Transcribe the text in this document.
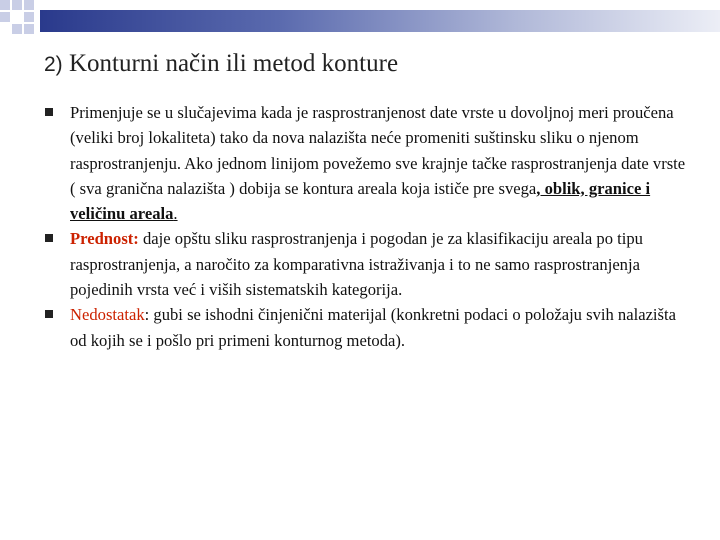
2) Konturni način ili metod konture
Primenjuje se u slučajevima kada je rasprostranjenost date vrste u dovoljnoj meri proučena (veliki broj lokaliteta) tako da nova nalazišta neće promeniti suštinsku sliku o njenom rasprostranjenju. Ako jednom linijom povežemo sve krajnje tačke rasprostranjenja date vrste ( sva granična nalazišta ) dobija se kontura areala koja ističe pre svega, oblik, granice i veličinu areala.
Prednost: daje opštu sliku rasprostranjenja i pogodan je za klasifikaciju areala po tipu rasprostranjenja, a naročito za komparativna istraživanja i to ne samo rasprostranjenja pojedinih vrsta već i viših sistematskih kategorija.
Nedostatak: gubi se ishodni činjenični materijal (konkretni podaci o položaju svih nalazišta od kojih se i pošlo pri primeni konturnog metoda).
